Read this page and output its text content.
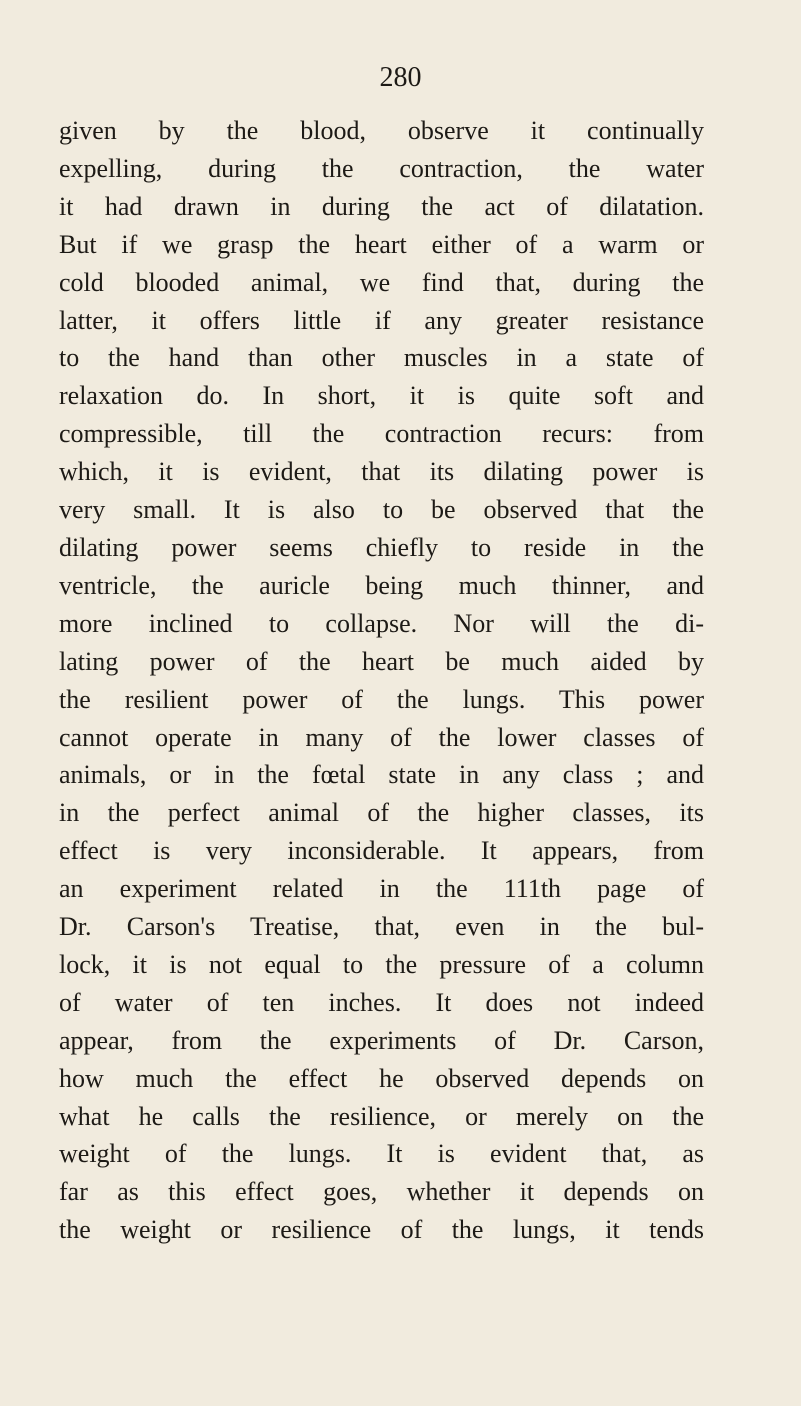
280
given by the blood, observe it continually
expelling, during the contraction, the water
it had drawn in during the act of dilatation.
But if we grasp the heart either of a warm or
cold blooded animal, we find that, during the
latter, it offers little if any greater resistance
to the hand than other muscles in a state of
relaxation do. In short, it is quite soft and
compressible, till the contraction recurs: from
which, it is evident, that its dilating power is
very small. It is also to be observed that the
dilating power seems chiefly to reside in the
ventricle, the auricle being much thinner, and
more inclined to collapse. Nor will the di-
lating power of the heart be much aided by
the resilient power of the lungs. This power
cannot operate in many of the lower classes of
animals, or in the fœtal state in any class ; and
in the perfect animal of the higher classes, its
effect is very inconsiderable. It appears, from
an experiment related in the 111th page of
Dr. Carson's Treatise, that, even in the bul-
lock, it is not equal to the pressure of a column
of water of ten inches. It does not indeed
appear, from the experiments of Dr. Carson,
how much the effect he observed depends on
what he calls the resilience, or merely on the
weight of the lungs. It is evident that, as
far as this effect goes, whether it depends on
the weight or resilience of the lungs, it tends
